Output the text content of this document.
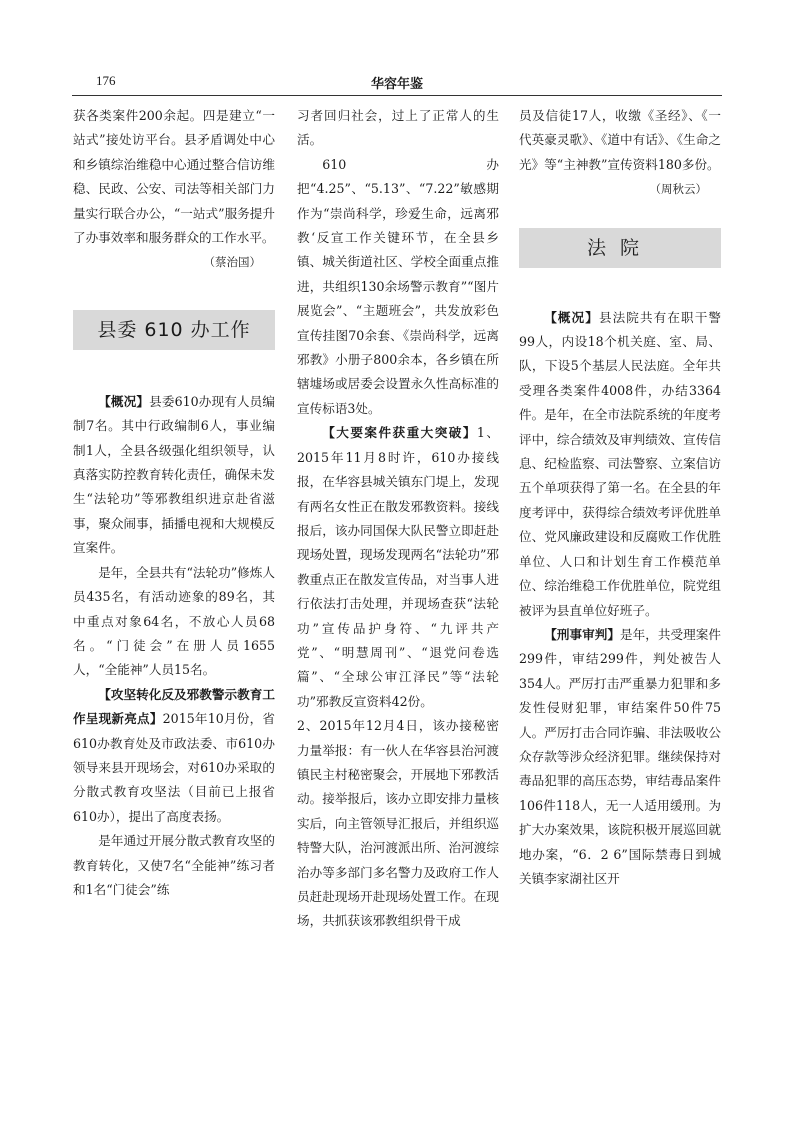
176	华容年鉴

获各类案件200余起。四是建立“一站式”接处访平台。县矛盾调处中心和乡镇综治维稳中心通过整合信访维稳、民政、公安、司法等相关部门力量实行联合办公，“一站式”服务提升了办事效率和服务群众的工作水平。

（蔡治国）

县委 610 办工作

【概况】县委610办现有人员编制7名。其中行政编制6人，事业编制1人，全县各级强化组织领导，认真落实防控教育转化责任，确保未发生“法轮功”等邪教组织进京赴省滋事，聚众闹事，插播电视和大规模反宣案件。

是年，全县共有“法轮功”修炼人员435名，有活动迹象的89名，其中重点对象64名，不放心人员68名。“门徒会”在册人员1655人，“全能神”人员15名。

【攻坚转化反及邪教警示教育工作呈现新亮点】2015年10月份，省610办教育处及市政法委、市610办领导来县开现场会，对610办采取的分散式教育攻坚法（目前已上报省610办），提出了高度表扬。

是年通过开展分散式教育攻坚的教育转化，又使7名“全能神”练习者和1名“门徒会”练

习者回归社会，过上了正常人的生活。

610办把“4.25”、“5.13”、“7.22”敏感期作为“崇尚科学，珍爱生命，远离邪教‘反宣工作关键环节，在全县乡镇、城关街道社区、学校全面重点推进，共组织130余场警示教育”“图片展览会”、“主题班会”，共发放彩色宣传挂图70余套、《崇尚科学，远离邪教》小册子800余本，各乡镇在所辖墟场或居委会设置永久性高标准的宣传标语3处。

【大要案件获重大突破】1、2015年11月8时许，610办接线报，在华容县城关镇东门堤上，发现有两名女性正在散发邪教资料。接线报后，该办同国保大队民警立即赶赴现场处置，现场发现两名“法轮功”邪教重点正在散发宣传品，对当事人进行依法打击处理，并现场查获“法轮功”宣传品护身符、“九评共产党”、“明慧周刊”、“退党问卷选篇”、“全球公审江泽民”等“法轮功”邪教反宣资料42份。

2、2015年12月4日，该办接秘密力量举报：有一伙人在华容县治河渡镇民主村秘密聚会，开展地下邪教活动。接举报后，该办立即安排力量核实后，向主管领导汇报后，并组织巡特警大队，治河渡派出所、治河渡综治办等多部门多名警力及政府工作人员赶赴现场开赴现场处置工作。在现场，共抓获该邪教组织骨干成

员及信徒17人，收缴《圣经》、《一代英豪灵歌》、《道中有话》、《生命之光》等“主神教”宣传资料180多份。

（周秋云）

法院

【概况】县法院共有在职干警99人，内设18个机关庭、室、局、队，下设5个基层人民法庭。全年共受理各类案件4008件，办结3364件。是年，在全市法院系统的年度考评中，综合绩效及审判绩效、宣传信息、纪检监察、司法警察、立案信访五个单项获得了第一名。在全县的年度考评中，获得综合绩效考评优胜单位、党风廉政建设和反腐败工作优胜单位、人口和计划生育工作模范单位、综治维稳工作优胜单位，院党组被评为县直单位好班子。

【刑事审判】是年，共受理案件299件，审结299件，判处被告人354人。严厉打击严重暴力犯罪和多发性侵财犯罪，审结案件50件75人。严厉打击合同诈骗、非法吸收公众存款等涉众经济犯罪。继续保持对毒品犯罪的高压态势，审结毒品案件106件118人，无一人适用缓刑。为扩大办案效果，该院积极开展巡回就地办案，“6．2 6”国际禁毒日到城关镇李家湖社区开
